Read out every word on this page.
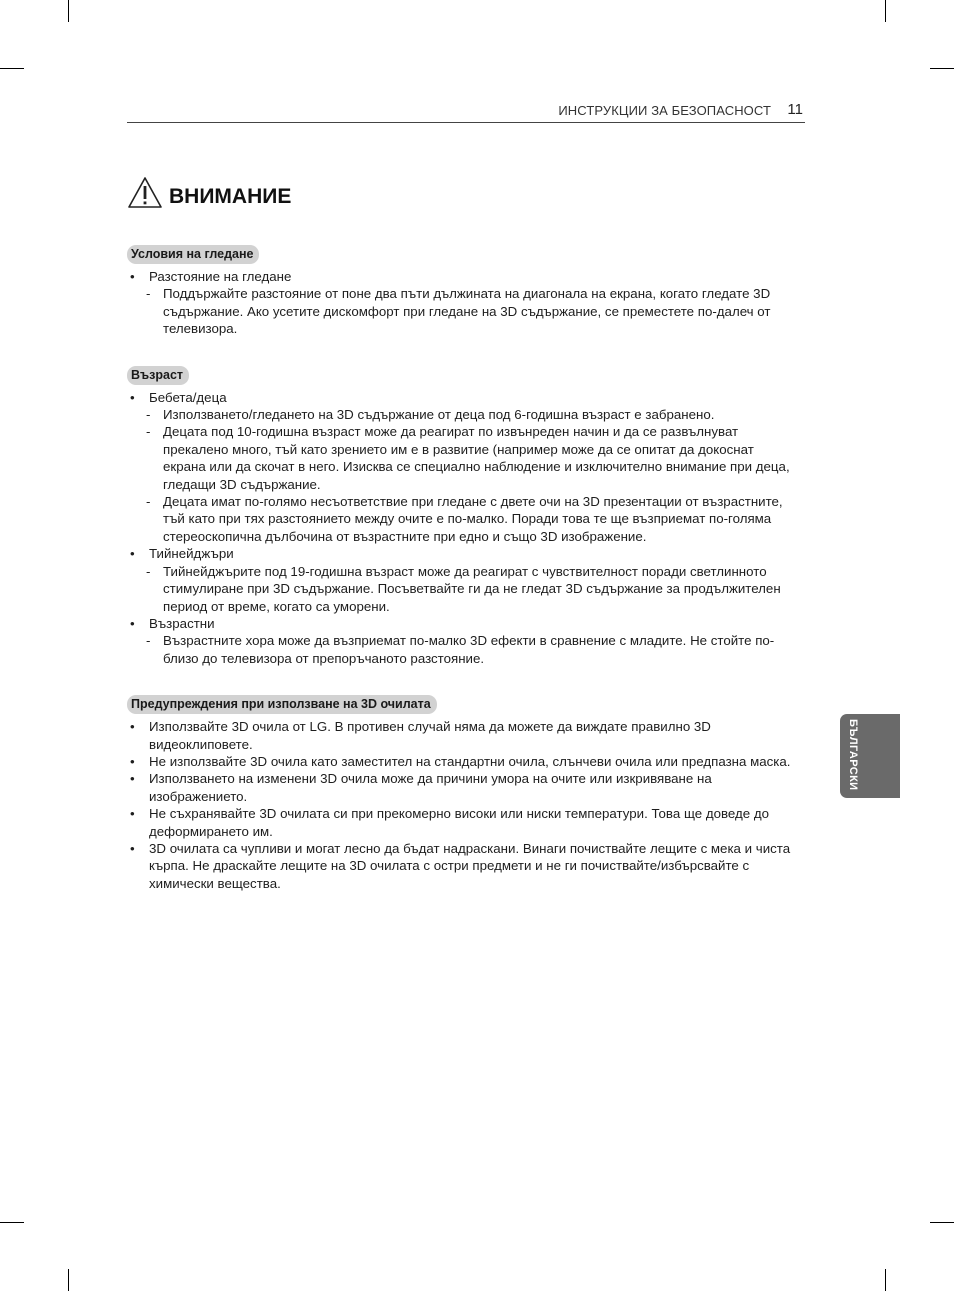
ИНСТРУКЦИИ ЗА БЕЗОПАСНОСТ 11
ВНИМАНИЕ
Условия на гледане
• Разстояние на гледане
- Поддържайте разстояние от поне два пъти дължината на диагонала на екрана, когато гледате 3D съдържание. Ако усетите дискомфорт при гледане на 3D съдържание, се преместете по-далеч от телевизора.
Възраст
• Бебета/деца
- Използването/гледането на 3D съдържание от деца под 6-годишна възраст е забранено.
- Децата под 10-годишна възраст може да реагират по извънреден начин и да се развълнуват прекалено много, тъй като зрението им е в развитие (например може да се опитат да докоснат екрана или да скочат в него. Изисква се специално наблюдение и изключително внимание при деца, гледащи 3D съдържание.
- Децата имат по-голямо несъответствие при гледане с двете очи на 3D презентации от възрастните, тъй като при тях разстоянието между очите е по-малко. Поради това те ще възприемат по-голяма стереоскопична дълбочина от възрастните при едно и също 3D изображение.
• Тийнейджъри
- Тийнейджърите под 19-годишна възраст може да реагират с чувствителност поради светлинното стимулиране при 3D съдържание. Посъветвайте ги да не гледат 3D съдържание за продължителен период от време, когато са уморени.
• Възрастни
- Възрастните хора може да възприемат по-малко 3D ефекти в сравнение с младите. Не стойте по-близо до телевизора от препоръчаното разстояние.
Предупреждения при използване на 3D очилата
• Използвайте 3D очила от LG. В противен случай няма да можете да виждате правилно 3D видеоклиповете.
• Не използвайте 3D очила като заместител на стандартни очила, слънчеви очила или предпазна маска.
• Използването на изменени 3D очила може да причини умора на очите или изкривяване на изображението.
• Не съхранявайте 3D очилата си при прекомерно високи или ниски температури. Това ще доведе до деформирането им.
• 3D очилата са чупливи и могат лесно да бъдат надраскани. Винаги почиствайте лещите с мека и чиста кърпа. Не драскайте лещите на 3D очилата с остри предмети и не ги почиствайте/избърсвайте с химически вещества.
БЪЛГАРСКИ
